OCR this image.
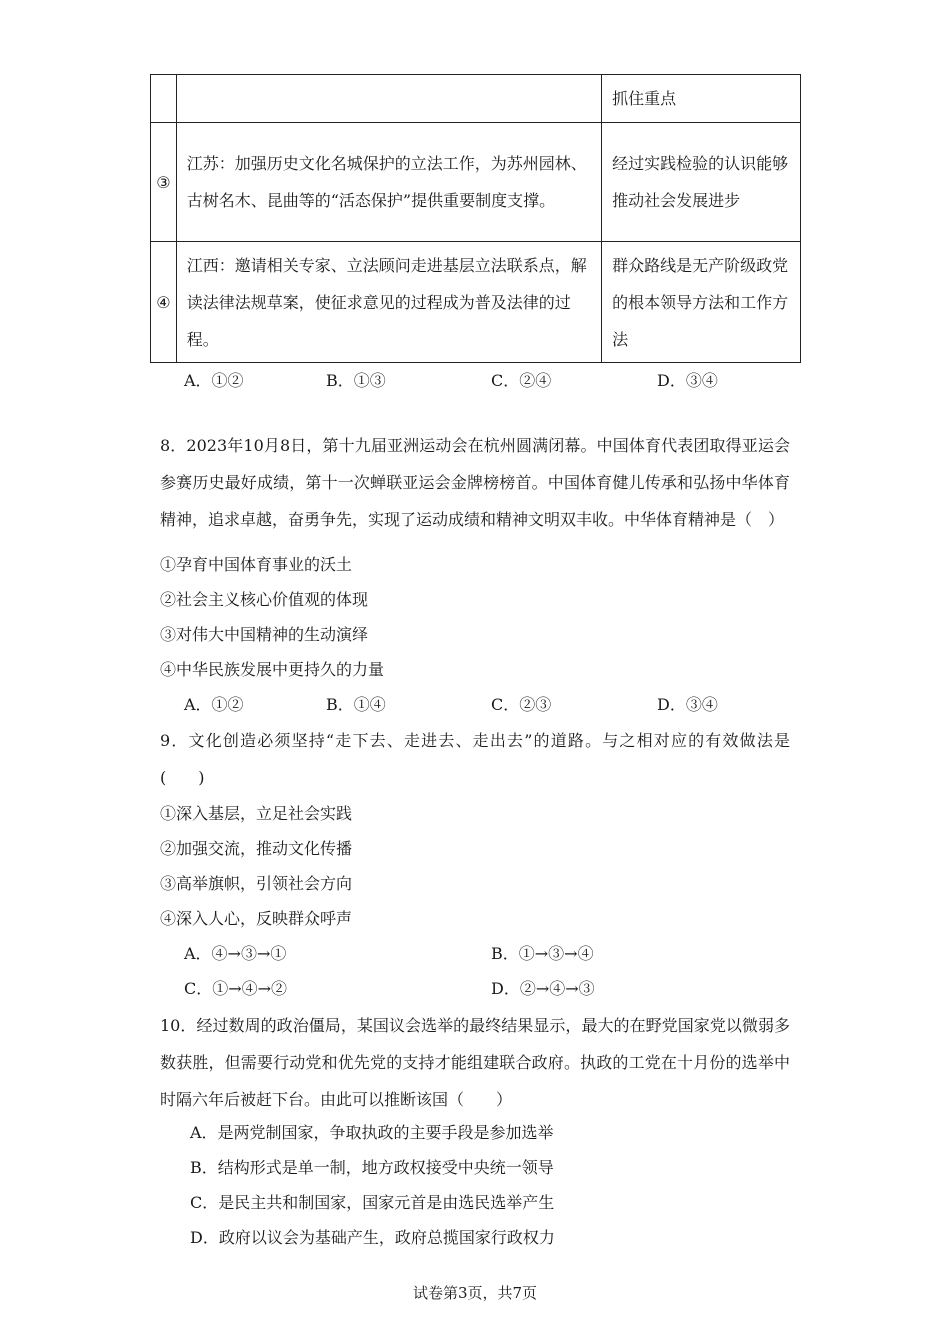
		抓住重点
③	江苏：加强历史文化名城保护的立法工作，为苏州园林、古树名木、昆曲等的“活态保护”提供重要制度支撑。	经过实践检验的认识能够推动社会发展进步
④	江西：邀请相关专家、立法顾问走进基层立法联系点，解读法律法规草案，使征求意见的过程成为普及法律的过程。	群众路线是无产阶级政党的根本领导方法和工作方法
A．①②	B．①③	C．②④	D．③④
8．2023年10月8日，第十九届亚洲运动会在杭州圆满闭幕。中国体育代表团取得亚运会参赛历史最好成绩，第十一次蝉联亚运会金牌榜榜首。中国体育健儿传承和弘扬中华体育精神，追求卓越，奋勇争先，实现了运动成绩和精神文明双丰收。中华体育精神是（　）
①孕育中国体育事业的沃土
②社会主义核心价值观的体现
③对伟大中国精神的生动演绎
④中华民族发展中更持久的力量
A．①②	B．①④	C．②③	D．③④
9．文化创造必须坚持“走下去、走进去、走出去”的道路。与之相对应的有效做法是(　　)
①深入基层，立足社会实践
②加强交流，推动文化传播
③高举旗帜，引领社会方向
④深入人心，反映群众呼声
A．④→③→①	B．①→③→④
C．①→④→②	D．②→④→③
10．经过数周的政治僵局，某国议会选举的最终结果显示，最大的在野党国家党以微弱多数获胜，但需要行动党和优先党的支持才能组建联合政府。执政的工党在十月份的选举中时隔六年后被赶下台。由此可以推断该国（　　）
A．是两党制国家，争取执政的主要手段是参加选举
B．结构形式是单一制，地方政权接受中央统一领导
C．是民主共和制国家，国家元首是由选民选举产生
D．政府以议会为基础产生，政府总揽国家行政权力
试卷第3页，共7页
